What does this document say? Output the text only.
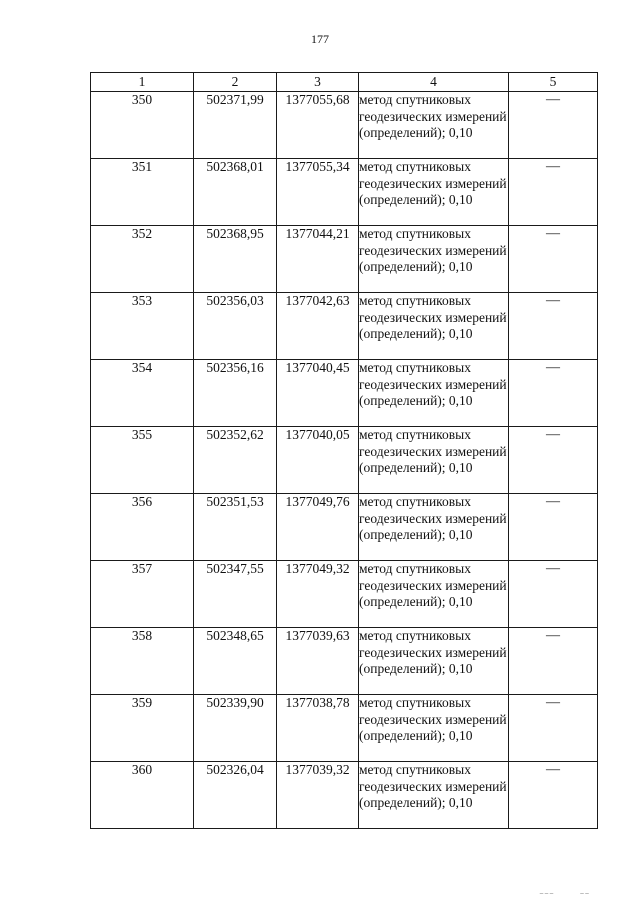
177
1	2	3	4	5
350	502371,99	1377055,68	метод спутниковых геодезических измерений (определений); 0,10	—
351	502368,01	1377055,34	метод спутниковых геодезических измерений (определений); 0,10	—
352	502368,95	1377044,21	метод спутниковых геодезических измерений (определений); 0,10	—
353	502356,03	1377042,63	метод спутниковых геодезических измерений (определений); 0,10	—
354	502356,16	1377040,45	метод спутниковых геодезических измерений (определений); 0,10	—
355	502352,62	1377040,05	метод спутниковых геодезических измерений (определений); 0,10	—
356	502351,53	1377049,76	метод спутниковых геодезических измерений (определений); 0,10	—
357	502347,55	1377049,32	метод спутниковых геодезических измерений (определений); 0,10	—
358	502348,65	1377039,63	метод спутниковых геодезических измерений (определений); 0,10	—
359	502339,90	1377038,78	метод спутниковых геодезических измерений (определений); 0,10	—
360	502326,04	1377039,32	метод спутниковых геодезических измерений (определений); 0,10	—
‾‾‾      ‾‾
